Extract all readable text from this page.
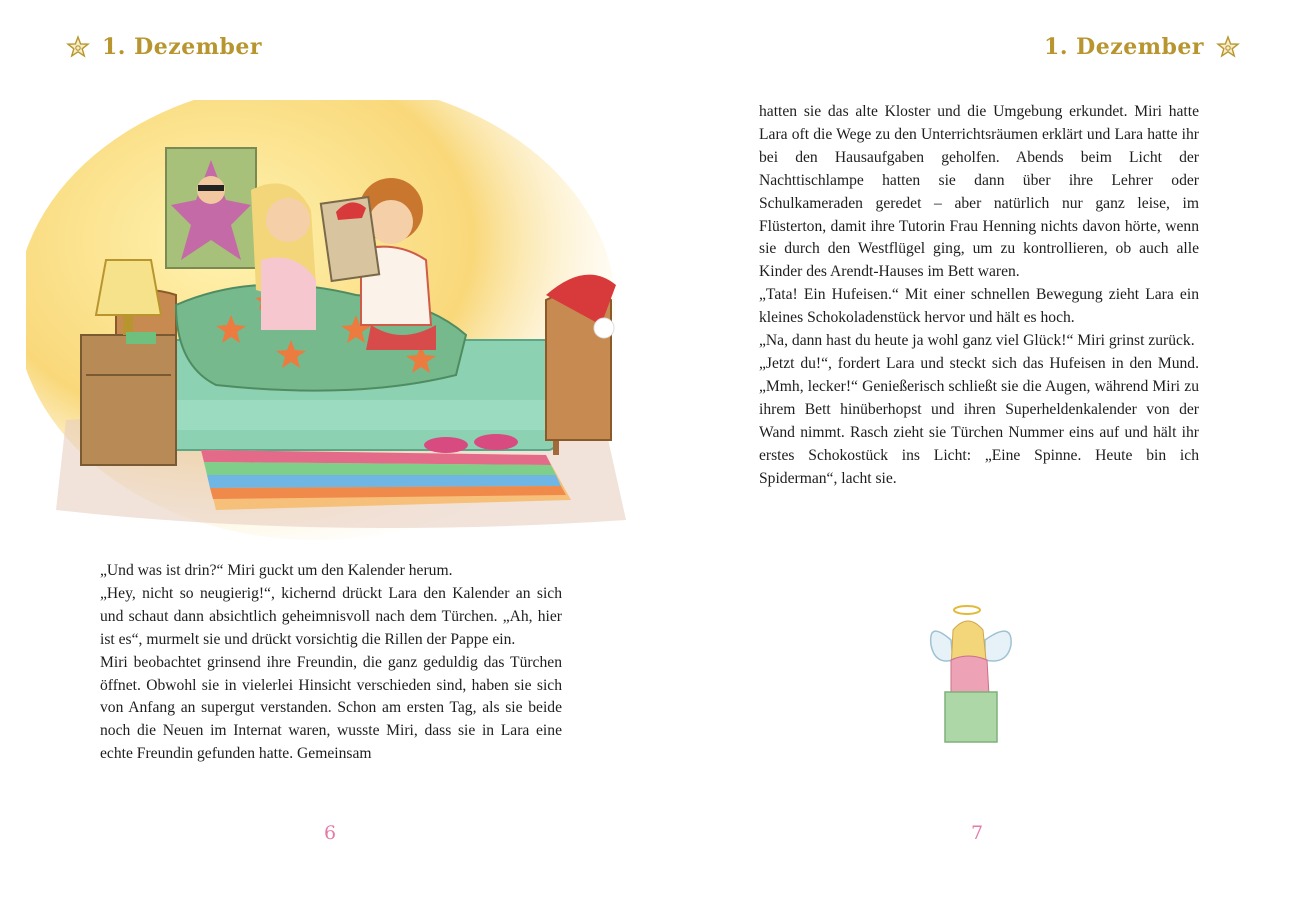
1. Dezember

„Und was ist drin?“ Miri guckt um den Kalender herum.

„Hey, nicht so neugierig!“, kichernd drückt Lara den Kalender an sich und schaut dann absichtlich geheimnisvoll nach dem Türchen. „Ah, hier ist es“, murmelt sie und drückt vorsichtig die Rillen der Pappe ein.

Miri beobachtet grinsend ihre Freundin, die ganz geduldig das Türchen öffnet. Obwohl sie in vielerlei Hinsicht verschieden sind, haben sie sich von Anfang an supergut verstanden. Schon am ersten Tag, als sie beide noch die Neuen im Internat waren, wusste Miri, dass sie in Lara eine echte Freundin gefunden hatte. Gemeinsam

6
1. Dezember

hatten sie das alte Kloster und die Umgebung erkundet. Miri hatte Lara oft die Wege zu den Unterrichtsräumen erklärt und Lara hatte ihr bei den Hausaufgaben geholfen. Abends beim Licht der Nachttischlampe hatten sie dann über ihre Lehrer oder Schulkameraden geredet – aber natürlich nur ganz leise, im Flüsterton, damit ihre Tutorin Frau Henning nichts davon hörte, wenn sie durch den Westflügel ging, um zu kontrollieren, ob auch alle Kinder des Arendt-Hauses im Bett waren.

„Tata! Ein Hufeisen.“ Mit einer schnellen Bewegung zieht Lara ein kleines Schokoladenstück hervor und hält es hoch.

„Na, dann hast du heute ja wohl ganz viel Glück!“ Miri grinst zurück.

„Jetzt du!“, fordert Lara und steckt sich das Hufeisen in den Mund. „Mmh, lecker!“ Genießerisch schließt sie die Augen, während Miri zu ihrem Bett hinüberhopst und ihren Superheldenkalender von der Wand nimmt. Rasch zieht sie Türchen Nummer eins auf und hält ihr erstes Schokostück ins Licht: „Eine Spinne. Heute bin ich Spiderman“, lacht sie.

7
